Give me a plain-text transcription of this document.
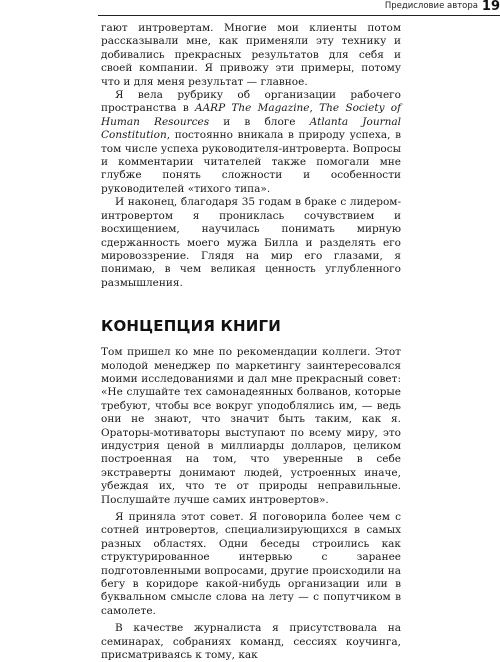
Предисловие автора 19

гают интровертам. Многие мои клиенты потом рассказывали мне, как применяли эту технику и добивались прекрасных результатов для себя и своей компании. Я привожу эти примеры, потому что и для меня результат — главное.

Я вела рубрику об организации рабочего пространства в AARP The Magazine, The Society of Human Resources и в блоге Atlanta Journal Constitution, постоянно вникала в природу успеха, в том числе успеха руководителя-интроверта. Вопросы и комментарии читателей также помогали мне глубже понять сложности и особенности руководителей «тихого типа».

И наконец, благодаря 35 годам в браке с лидером-интровертом я прониклась сочувствием и восхищением, научилась понимать мирную сдержанность моего мужа Билла и разделять его мировоззрение. Глядя на мир его глазами, я понимаю, в чем великая ценность углубленного размышления.

КОНЦЕПЦИЯ КНИГИ

Том пришел ко мне по рекомендации коллеги. Этот молодой менеджер по маркетингу заинтересовался моими исследованиями и дал мне прекрасный совет: «Не слушайте тех самонадеянных болванов, которые требуют, чтобы все вокруг уподоблялись им, — ведь они не знают, что значит быть таким, как я. Ораторы-мотиваторы выступают по всему миру, это индустрия ценой в миллиарды долларов, целиком построенная на том, что уверенные в себе экстраверты донимают людей, устроенных иначе, убеждая их, что те от природы неправильные. Послушайте лучше самих интровертов».

Я приняла этот совет. Я поговорила более чем с сотней интровертов, специализирующихся в самых разных областях. Одни беседы строились как структурированное интервью с заранее подготовленными вопросами, другие происходили на бегу в коридоре какой-нибудь организации или в буквальном смысле слова на лету — с попутчиком в самолете.

В качестве журналиста я присутствовала на семинарах, собраниях команд, сессиях коучинга, присматриваясь к тому, как
